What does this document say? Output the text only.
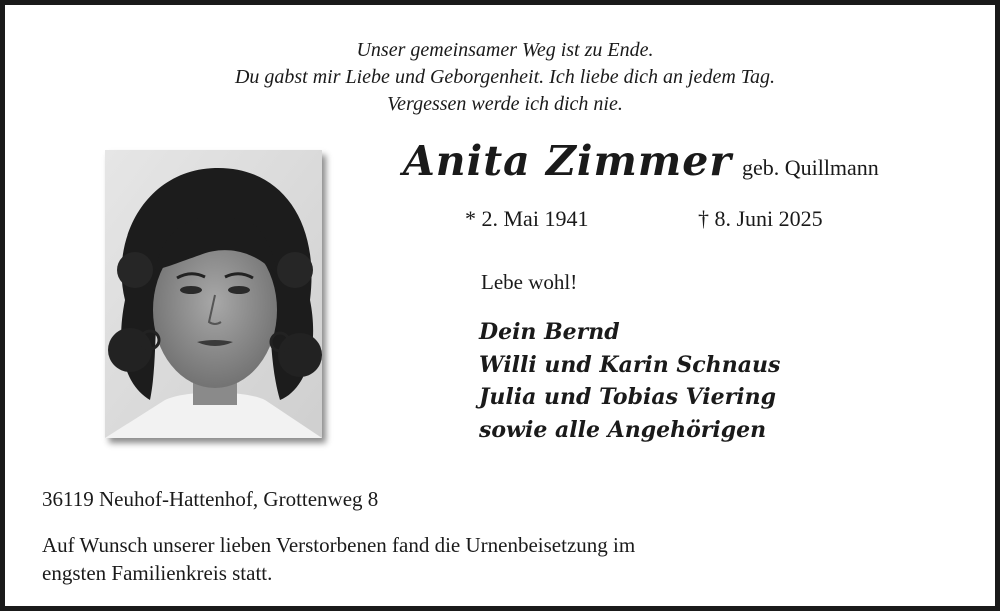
Unser gemeinsamer Weg ist zu Ende.
Du gabst mir Liebe und Geborgenheit. Ich liebe dich an jedem Tag.
Vergessen werde ich dich nie.
Anita Zimmer geb. Quillmann
* 2. Mai 1941	† 8. Juni 2025
Lebe wohl!
Dein Bernd
Willi und Karin Schnaus
Julia und Tobias Viering
sowie alle Angehörigen
36119 Neuhof-Hattenhof, Grottenweg 8
Auf Wunsch unserer lieben Verstorbenen fand die Urnenbeisetzung im
engsten Familienkreis statt.
